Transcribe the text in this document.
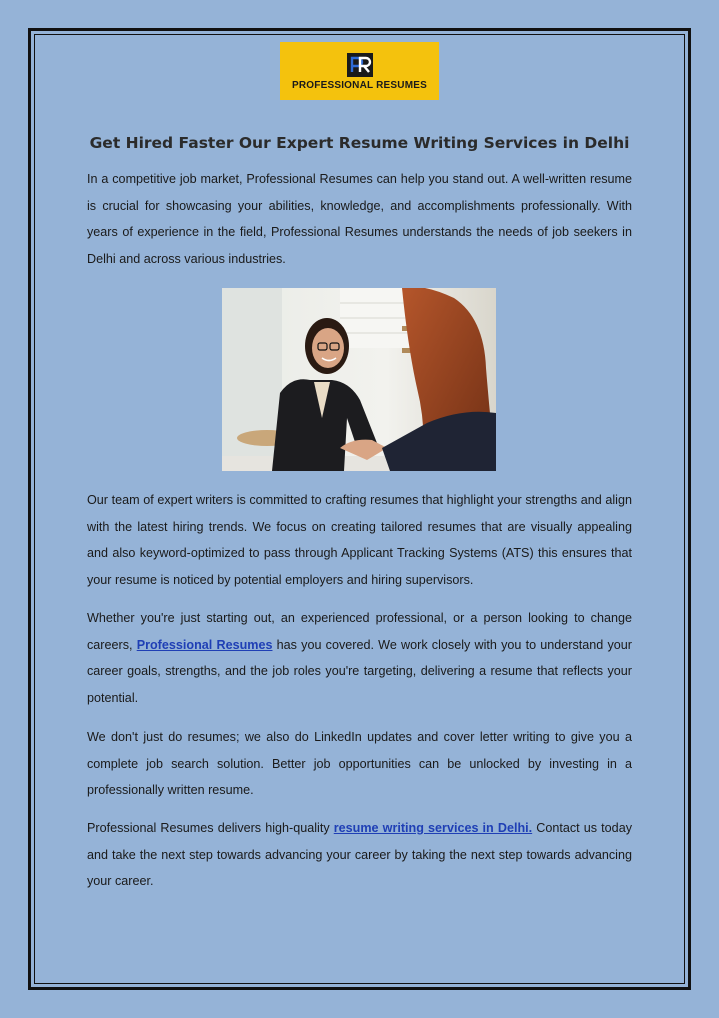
PROFESSIONAL RESUMES
Get Hired Faster Our Expert Resume Writing Services in Delhi

In a competitive job market, Professional Resumes can help you stand out. A well-written resume is crucial for showcasing your abilities, knowledge, and accomplishments professionally. With years of experience in the field, Professional Resumes understands the needs of job seekers in Delhi and across various industries.

Our team of expert writers is committed to crafting resumes that highlight your strengths and align with the latest hiring trends. We focus on creating tailored resumes that are visually appealing and also keyword-optimized to pass through Applicant Tracking Systems (ATS) this ensures that your resume is noticed by potential employers and hiring supervisors.

Whether you're just starting out, an experienced professional, or a person looking to change careers, Professional Resumes has you covered. We work closely with you to understand your career goals, strengths, and the job roles you're targeting, delivering a resume that reflects your potential.

We don't just do resumes; we also do LinkedIn updates and cover letter writing to give you a complete job search solution. Better job opportunities can be unlocked by investing in a professionally written resume.

Professional Resumes delivers high-quality resume writing services in Delhi. Contact us today and take the next step towards advancing your career by taking the next step towards advancing your career.
